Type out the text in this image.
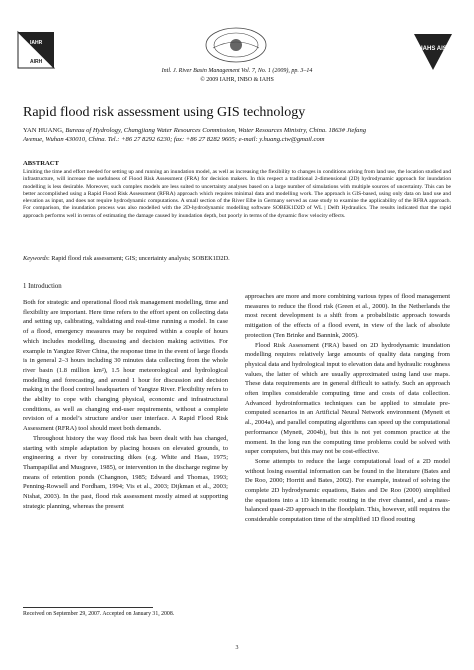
IAHR
AIRH
IAHS AISH
Intl. J. River Basin Management Vol. 7, No. 1 (2009), pp. 3–14
© 2009 IAHR, INBO & IAHS
Rapid flood risk assessment using GIS technology
YAN HUANG, Bureau of Hydrology, Changjiang Water Resources Commission, Water Resources Ministry, China. 1863# Jiefang
Avenue, Wuhan 430010, China. Tel.: +86 27 8292 6230; fax: +86 27 8282 9605; e-mail: y.huang.ctw@gmail.com
ABSTRACT
Limiting the time and effort needed for setting up and running an inundation model, as well as increasing the flexibility to changes in conditions arising from land use, the location studied and infrastructure, will increase the usefulness of Flood Risk Assessment (FRA) for decision makers. In this respect a traditional 2-dimensional (2D) hydrodynamic approach for inundation modelling is less desirable. Moreover, such complex models are less suited to uncertainty analyses based on a large number of simulations with multiple sources of uncertainty. This can be better accomplished using a Rapid Flood Risk Assessment (RFRA) approach which requires minimal data and modelling work. The approach is GIS-based, using only data on land use and elevation as input, and does not require hydrodynamic computations. A small section of the River Elbe in Germany served as case study to examine the applicability of the RFRA approach. For comparison, the inundation process was also modelled with the 2D-hydrodynamic modelling software SOBEK1D2D of WL | Delft Hydraulics. The results indicated that the rapid approach performs well in terms of estimating the damage caused by inundation depth, but poorly in terms of the dynamic flow velocity effects.
Keywords: Rapid flood risk assessment; GIS; uncertainty analysis; SOBEK1D2D.
1 Introduction

Both for strategic and operational flood risk management modelling, time and flexibility are important. Here time refers to the effort spent on collecting data and setting up, calibrating, validating and real-time running a model. In case of a flood, emergency measures may be required within a couple of hours which includes modelling, discussing and decision making activities. For example in Yangtze River China, the response time in the event of large floods is in general 2–3 hours including 30 minutes data collecting from the whole river basin (1.8 million km²), 1.5 hour meteorological and hydrological modelling and forecasting, and around 1 hour for discussion and decision making in the flood control headquarters of Yangtze River. Flexibility refers to the ability to cope with changing physical, economic and infrastructural conditions, as well as changing end-user requirements, without a complete revision of a model’s structure and/or user interface. A Rapid Flood Risk Assessment (RFRA) tool should meet both demands.

Throughout history the way flood risk has been dealt with has changed, starting with simple adaptation by placing houses on elevated grounds, to engineering a river by constructing dikes (e.g. White and Haas, 1975; Thampapillai and Musgrave, 1985), or intervention in the discharge regime by means of retention ponds (Changnon, 1985; Edward and Thomas, 1993; Penning-Rowsell and Fordham, 1994; Vis et al., 2003; Dijkman et al., 2003; Nishat, 2003). In the past, flood risk assessment mostly aimed at supporting strategic planning, whereas the present

approaches are more and more combining various types of flood management measures to reduce the flood risk (Green et al., 2000). In the Netherlands the most recent development is a shift from a probabilistic approach towards mitigation of the effects of a flood event, in view of the lack of absolute protection (Ten Brinke and Bannink, 2005).

Flood Risk Assessment (FRA) based on 2D hydrodynamic inundation modelling requires relatively large amounts of quality data ranging from physical data and hydrological input to elevation data and hydraulic roughness values, the latter of which are usually approximated using land use maps. These data requirements are in general difficult to satisfy. Such an approach often implies considerable computing time and costs of data collection. Advanced hydroinformatics techniques can be applied to simulate pre-computed scenarios in an Artificial Neural Network environment (Mynett et al., 2004a), and parallel computing algorithms can speed up the computational performance (Mynett, 2004b), but this is not yet common practice at the moment. In the long run the computing time problems could be solved with super computers, but this may not be cost-effective.

Some attempts to reduce the large computational load of a 2D model without losing essential information can be found in the literature (Bates and De Roo, 2000; Horritt and Bates, 2002). For example, instead of solving the complete 2D hydrodynamic equations, Bates and De Roo (2000) simplified the equations into a 1D kinematic routing in the river channel, and a mass-balanced quasi-2D approach in the floodplain. This, however, still requires the considerable computation time of the simplified 1D flood routing

Received on September 29, 2007. Accepted on January 31, 2008.
3
